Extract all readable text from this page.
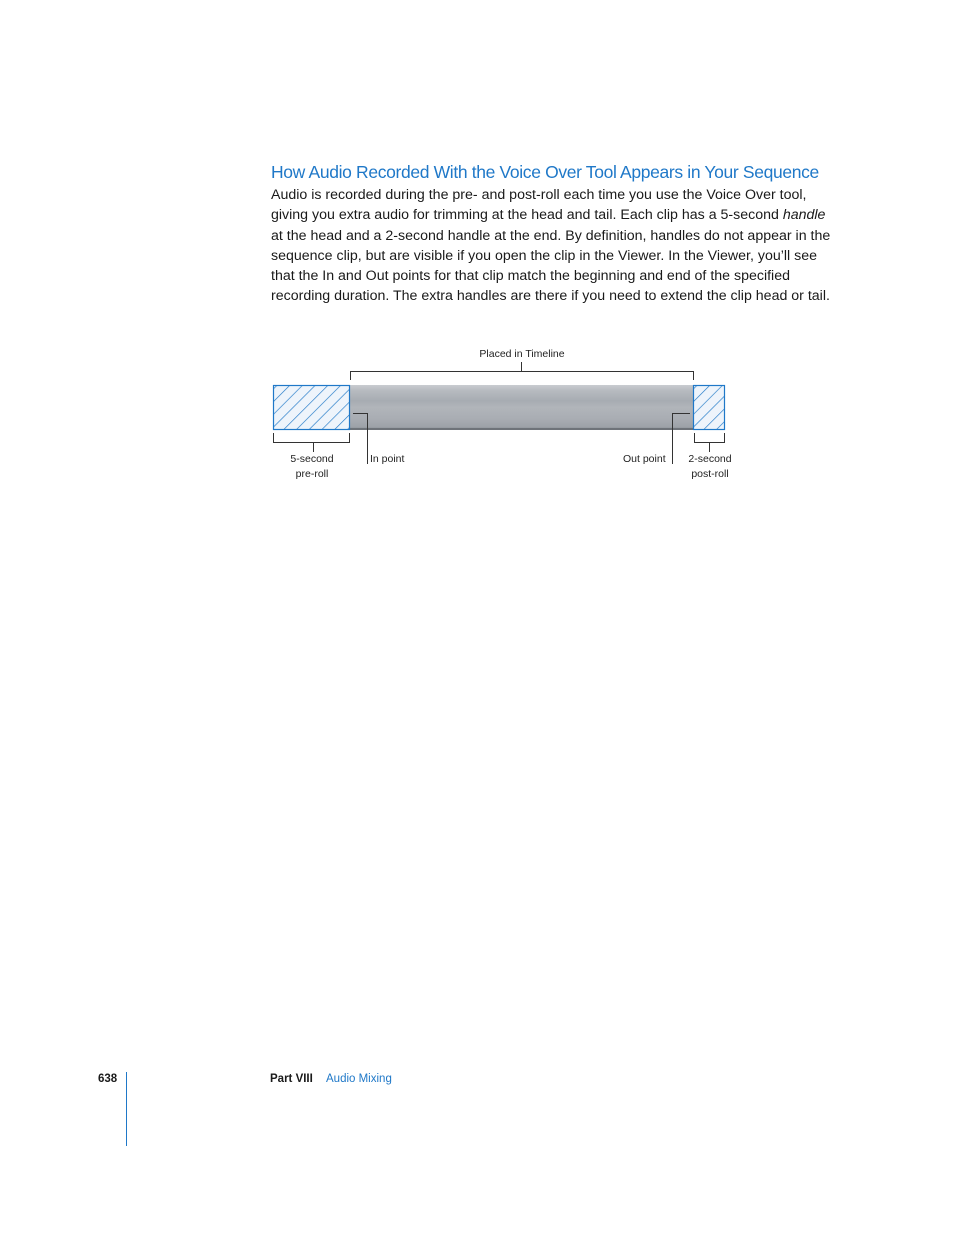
How Audio Recorded With the Voice Over Tool Appears in Your Sequence

Audio is recorded during the pre- and post-roll each time you use the Voice Over tool, giving you extra audio for trimming at the head and tail. Each clip has a 5-second handle at the head and a 2-second handle at the end. By definition, handles do not appear in the sequence clip, but are visible if you open the clip in the Viewer. In the Viewer, you’ll see that the In and Out points for that clip match the beginning and end of the specified recording duration. The extra handles are there if you need to extend the clip head or tail.

Placed in Timeline
5-second
pre-roll
In point	Out point	2-second
post-roll
638	Part VIII Audio Mixing
